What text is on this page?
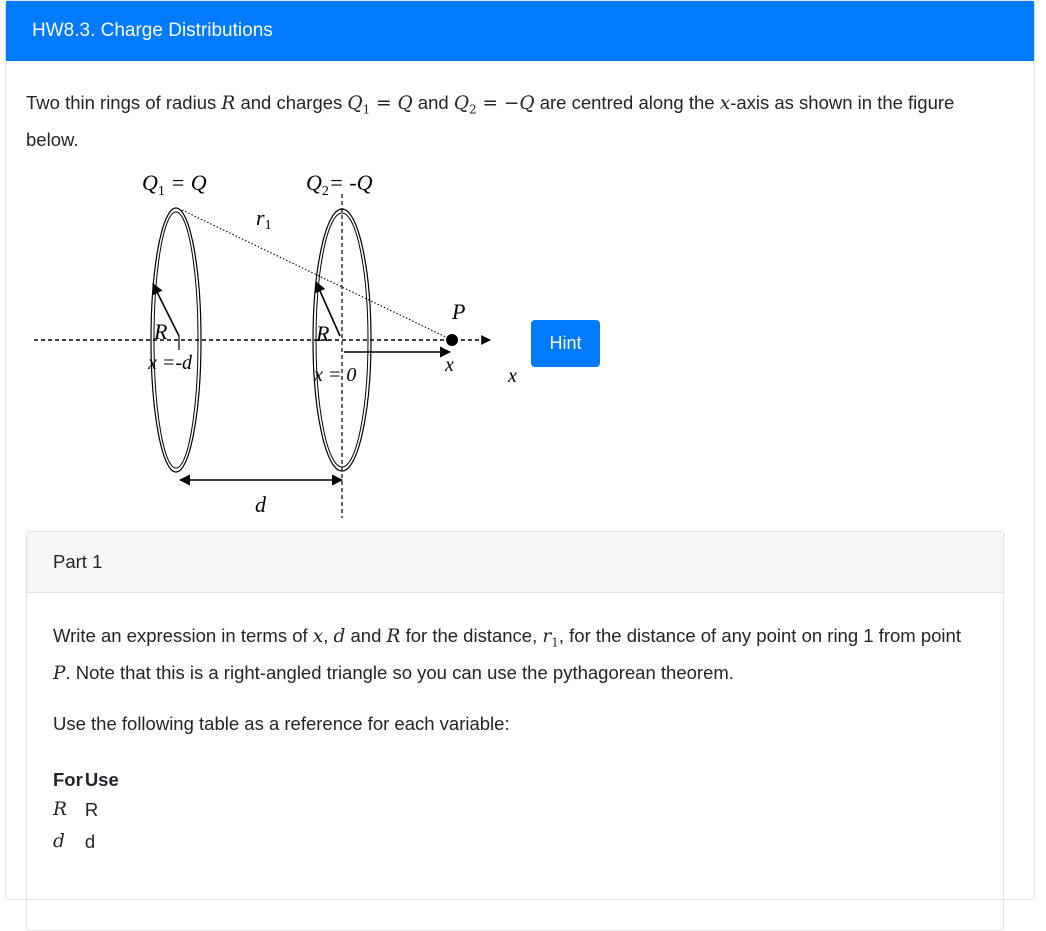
HW8.3. Charge Distributions
Two thin rings of radius R and charges $Q_1 = Q$ and $Q_2 = -Q$ are centred along the x-axis as shown in the figure below.
$Q_1 = Q$	$Q_2= -Q$
r1
R	R
x =-d
x = 0
P
x	x
d
Hint
Part 1

Write an expression in terms of x, d and R for the distance, $r_1$, for the distance of any point on ring 1 from point P. Note that this is a right-angled triangle so you can use the pythagorean theorem.

Use the following table as a reference for each variable:

For	Use
R	R
d	d
